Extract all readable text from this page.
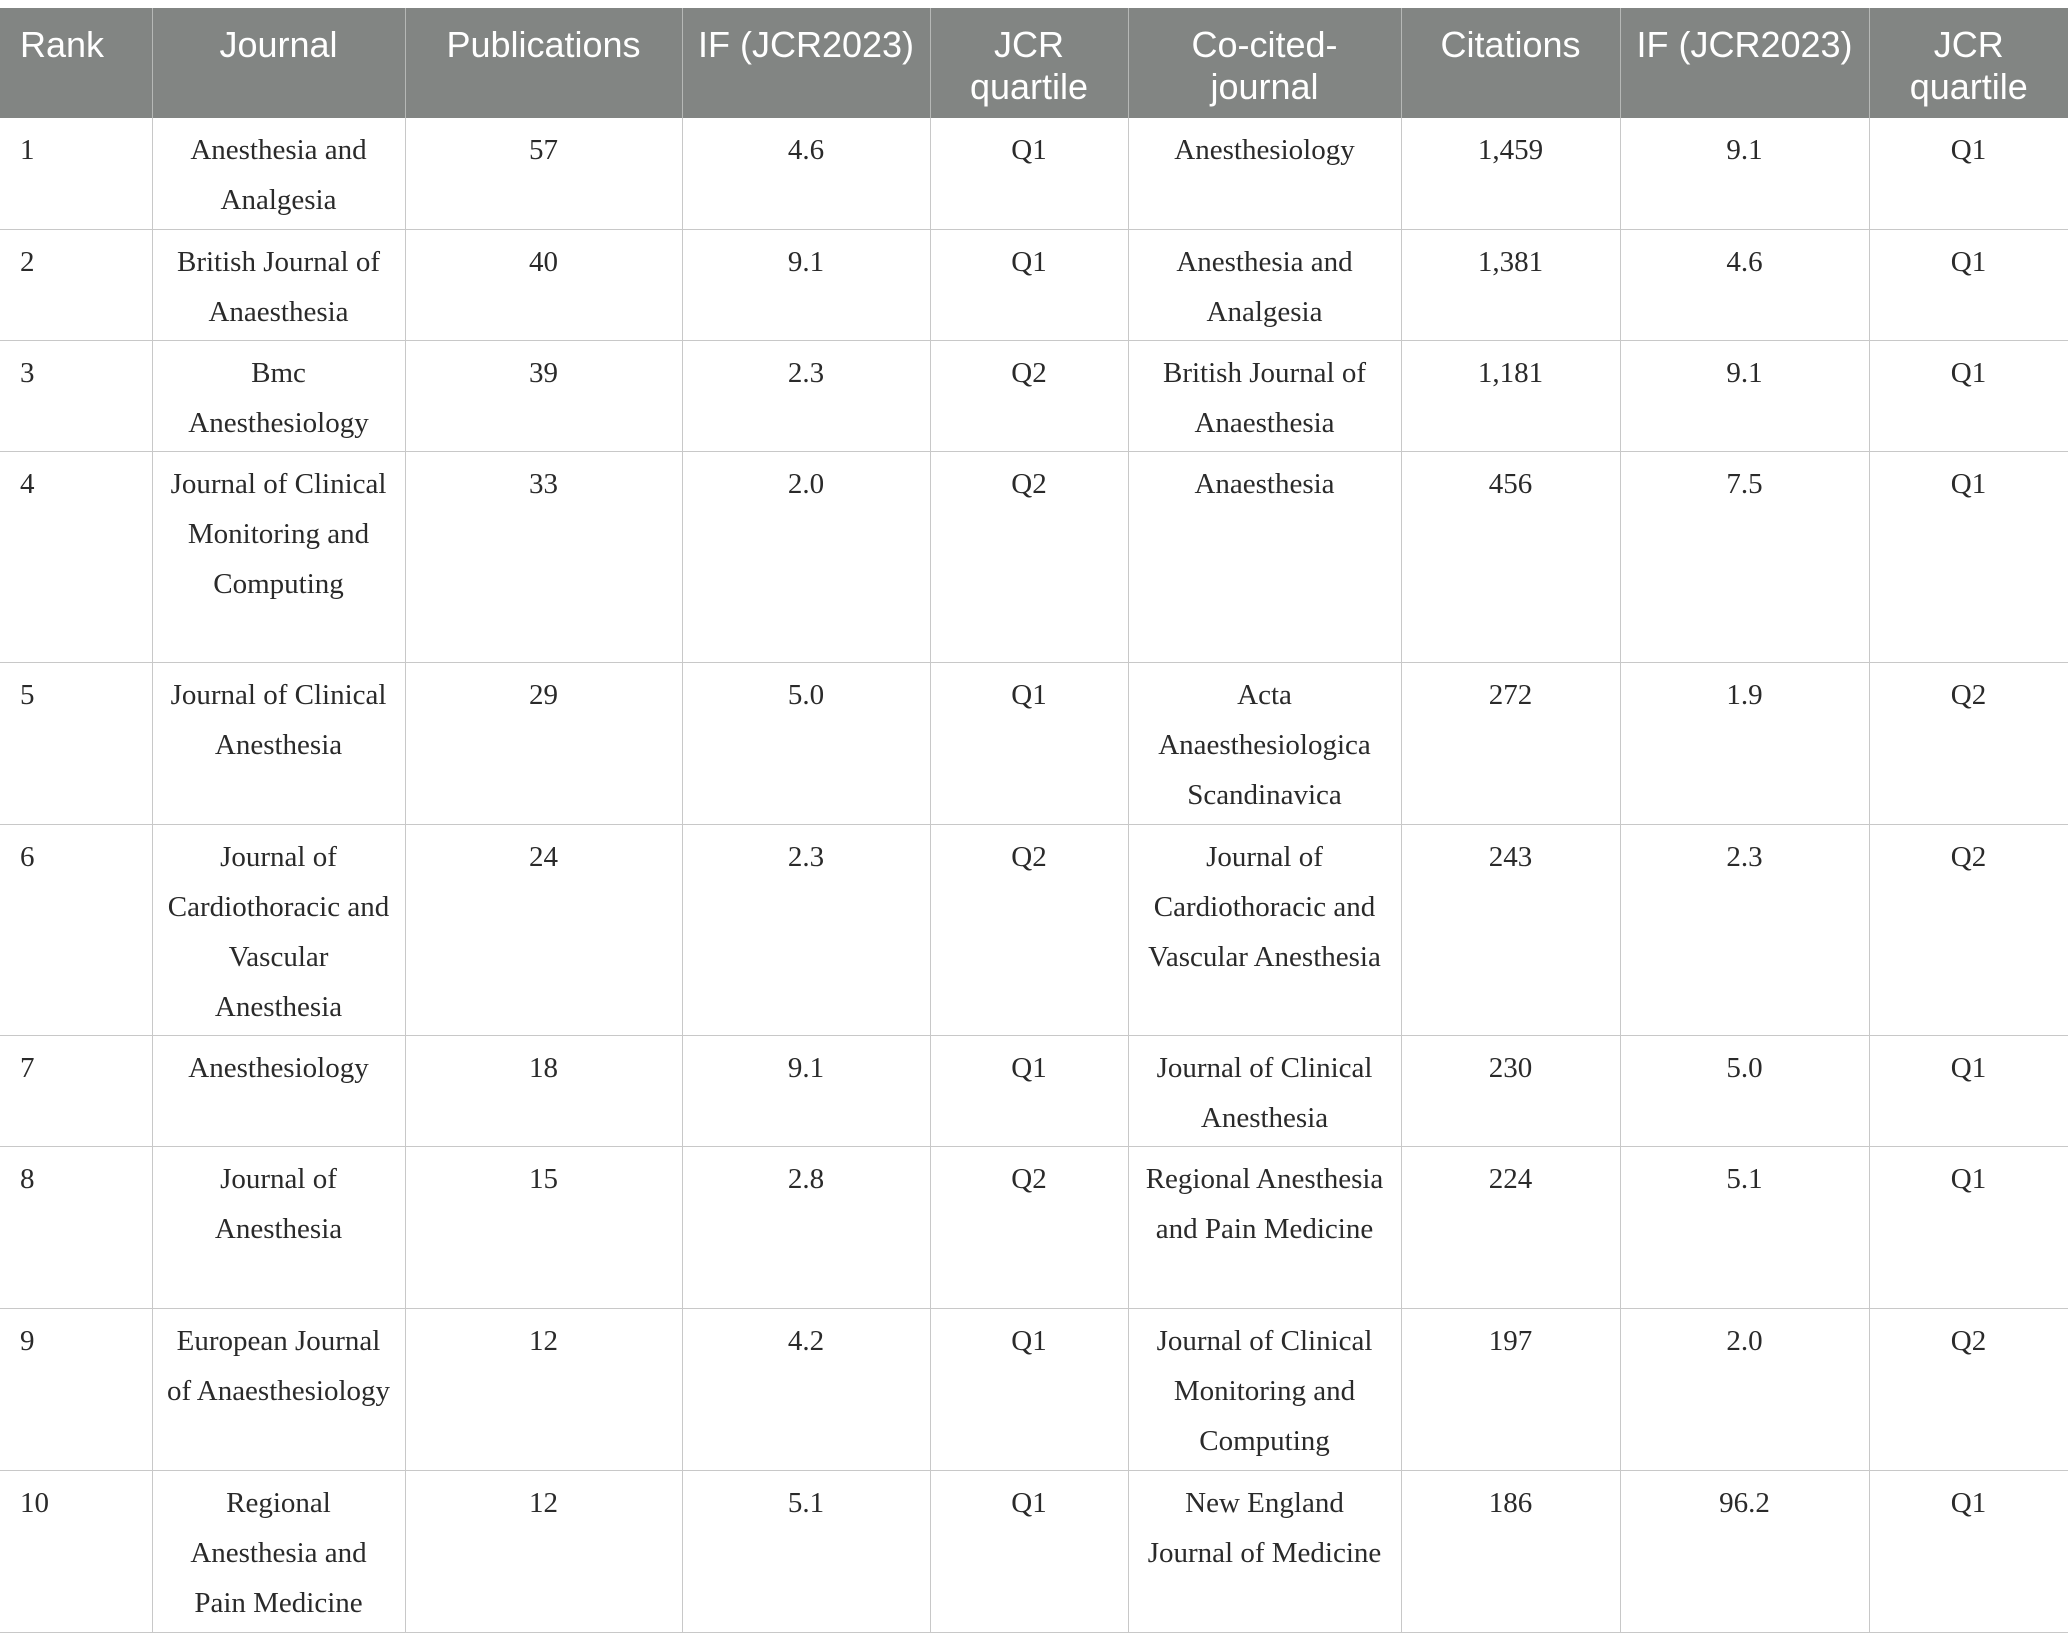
Rank	Journal	Publications	IF (JCR2023)	JCR quartile	Co-cited-journal	Citations	IF (JCR2023)	JCR quartile
1	Anesthesia and Analgesia	57	4.6	Q1	Anesthesiology	1,459	9.1	Q1
2	British Journal of Anaesthesia	40	9.1	Q1	Anesthesia and Analgesia	1,381	4.6	Q1
3	Bmc Anesthesiology	39	2.3	Q2	British Journal of Anaesthesia	1,181	9.1	Q1
4	Journal of Clinical Monitoring and Computing	33	2.0	Q2	Anaesthesia	456	7.5	Q1
5	Journal of Clinical Anesthesia	29	5.0	Q1	Acta Anaesthesiologica Scandinavica	272	1.9	Q2
6	Journal of Cardiothoracic and Vascular Anesthesia	24	2.3	Q2	Journal of Cardiothoracic and Vascular Anesthesia	243	2.3	Q2
7	Anesthesiology	18	9.1	Q1	Journal of Clinical Anesthesia	230	5.0	Q1
8	Journal of Anesthesia	15	2.8	Q2	Regional Anesthesia and Pain Medicine	224	5.1	Q1
9	European Journal of Anaesthesiology	12	4.2	Q1	Journal of Clinical Monitoring and Computing	197	2.0	Q2
10	Regional Anesthesia and Pain Medicine	12	5.1	Q1	New England Journal of Medicine	186	96.2	Q1
